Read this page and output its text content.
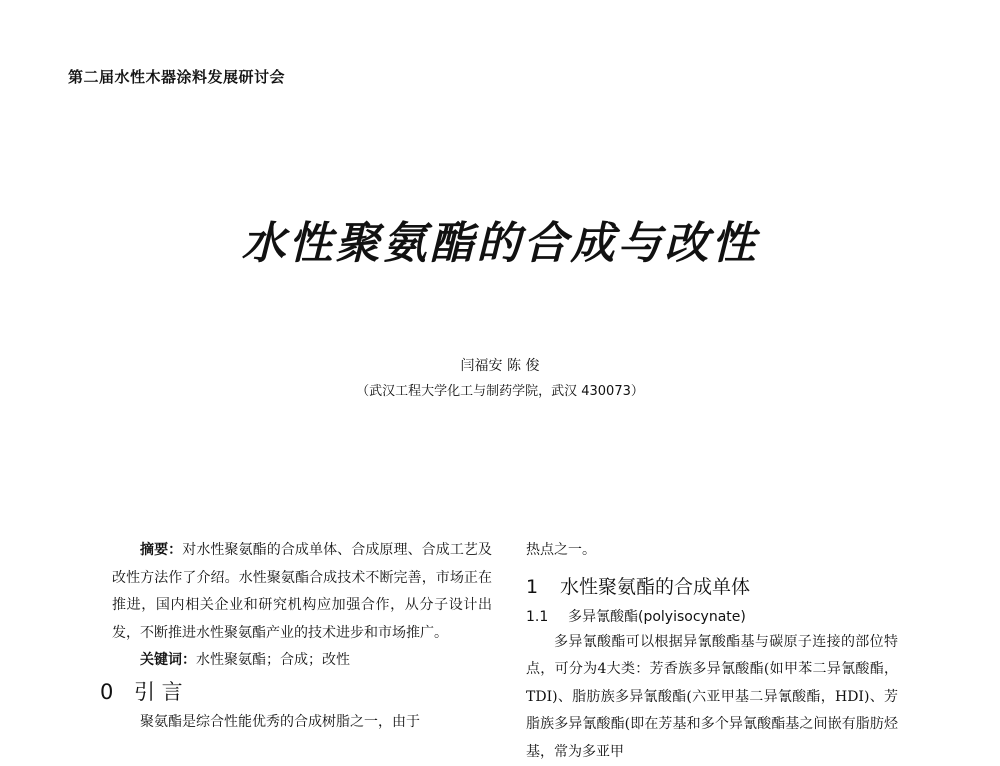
第二届水性木器涂料发展研讨会
水性聚氨酯的合成与改性
闫福安 陈 俊
（武汉工程大学化工与制药学院，武汉 430073）

摘要：对水性聚氨酯的合成单体、合成原理、合成工艺及改性方法作了介绍。水性聚氨酯合成技术不断完善，市场正在推进，国内相关企业和研究机构应加强合作，从分子设计出发，不断推进水性聚氨酯产业的技术进步和市场推广。

关键词：水性聚氨酯；合成；改性

0 引 言

聚氨酯是综合性能优秀的合成树脂之一，由于

热点之一。

1 水性聚氨酯的合成单体
1.1 多异氰酸酯(polyisocynate)

多异氰酸酯可以根据异氰酸酯基与碳原子连接的部位特点，可分为4大类：芳香族多异氰酸酯(如甲苯二异氰酸酯，TDI)、脂肪族多异氰酸酯(六亚甲基二异氰酸酯，HDI)、芳脂族多异氰酸酯(即在芳基和多个异氰酸酯基之间嵌有脂肪烃基，常为多亚甲
